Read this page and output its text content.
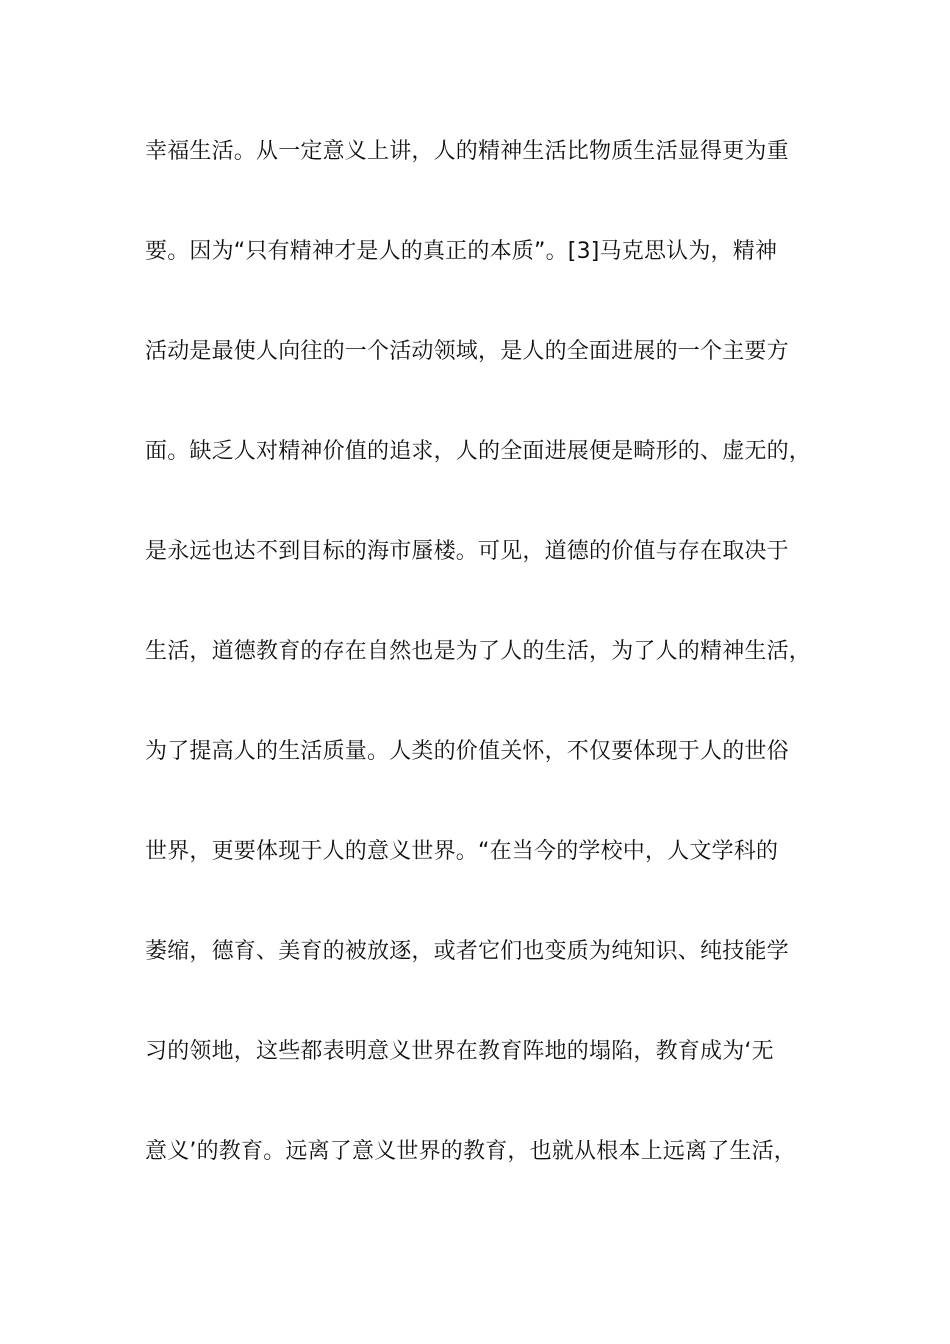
幸福生活。从一定意义上讲，人的精神生活比物质生活显得更为重
要。因为“只有精神才是人的真正的本质”。[3]马克思认为，精神
活动是最使人向往的一个活动领域，是人的全面进展的一个主要方
面。缺乏人对精神价值的追求，人的全面进展便是畸形的、虚无的，
是永远也达不到目标的海市蜃楼。可见，道德的价值与存在取决于
生活，道德教育的存在自然也是为了人的生活，为了人的精神生活，
为了提高人的生活质量。人类的价值关怀，不仅要体现于人的世俗
世界，更要体现于人的意义世界。“在当今的学校中，人文学科的
萎缩，德育、美育的被放逐，或者它们也变质为纯知识、纯技能学
习的领地，这些都表明意义世界在教育阵地的塌陷，教育成为‘无
意义’的教育。远离了意义世界的教育，也就从根本上远离了生活，
